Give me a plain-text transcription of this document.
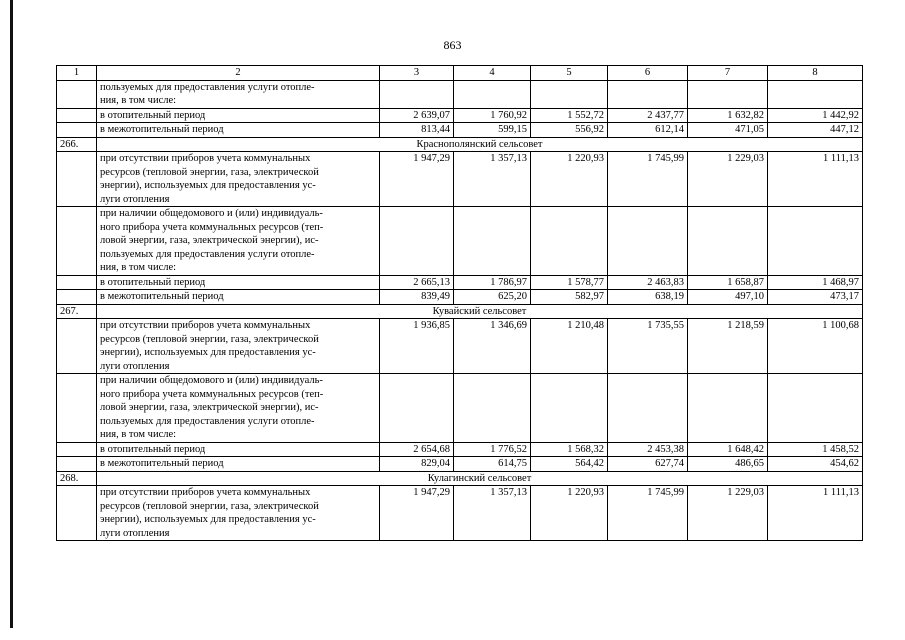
863
1	2	3	4	5	6	7	8
	пользуемых для предоставления услуги отопле-
ния, в том числе:						
	в отопительный период	2 639,07	1 760,92	1 552,72	2 437,77	1 632,82	1 442,92
	в межотопительный период	813,44	599,15	556,92	612,14	471,05	447,12
266.	Краснополянский сельсовет						
	при отсутствии приборов учета коммунальных
ресурсов (тепловой энергии, газа, электрической
энергии), используемых для предоставления ус-
луги отопления	1 947,29	1 357,13	1 220,93	1 745,99	1 229,03	1 111,13
	при наличии общедомового и (или) индивидуаль-
ного прибора учета коммунальных ресурсов (теп-
ловой энергии, газа, электрической энергии), ис-
пользуемых для предоставления услуги отопле-
ния, в том числе:						
	в отопительный период	2 665,13	1 786,97	1 578,77	2 463,83	1 658,87	1 468,97
	в межотопительный период	839,49	625,20	582,97	638,19	497,10	473,17
267.	Кувайский сельсовет						
	при отсутствии приборов учета коммунальных
ресурсов (тепловой энергии, газа, электрической
энергии), используемых для предоставления ус-
луги отопления	1 936,85	1 346,69	1 210,48	1 735,55	1 218,59	1 100,68
	при наличии общедомового и (или) индивидуаль-
ного прибора учета коммунальных ресурсов (теп-
ловой энергии, газа, электрической энергии), ис-
пользуемых для предоставления услуги отопле-
ния, в том числе:						
	в отопительный период	2 654,68	1 776,52	1 568,32	2 453,38	1 648,42	1 458,52
	в межотопительный период	829,04	614,75	564,42	627,74	486,65	454,62
268.	Кулагинский сельсовет						
	при отсутствии приборов учета коммунальных
ресурсов (тепловой энергии, газа, электрической
энергии), используемых для предоставления ус-
луги отопления	1 947,29	1 357,13	1 220,93	1 745,99	1 229,03	1 111,13
